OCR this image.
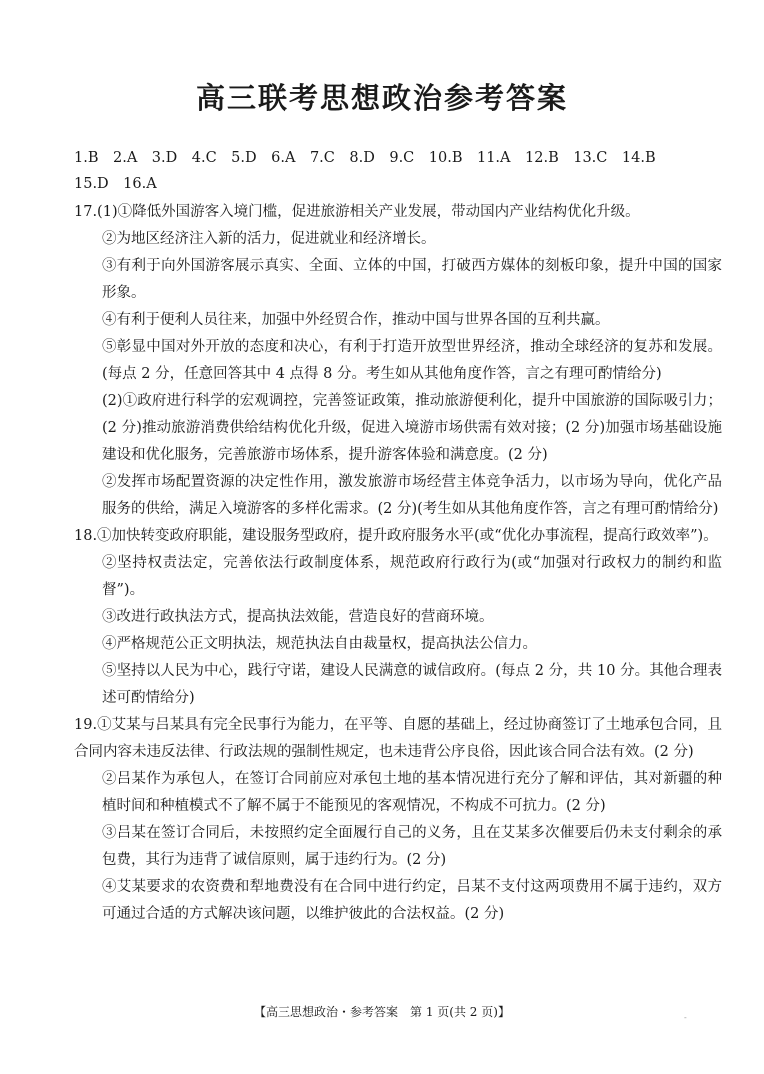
高三联考思想政治参考答案

1.B　2.A　3.D　4.C　5.D　6.A　7.C　8.D　9.C　10.B　11.A　12.B　13.C　14.B

15.D　16.A

17.(1)①降低外国游客入境门槛，促进旅游相关产业发展，带动国内产业结构优化升级。

②为地区经济注入新的活力，促进就业和经济增长。

③有利于向外国游客展示真实、全面、立体的中国，打破西方媒体的刻板印象，提升中国的国家形象。

④有利于便利人员往来，加强中外经贸合作，推动中国与世界各国的互利共赢。

⑤彰显中国对外开放的态度和决心，有利于打造开放型世界经济，推动全球经济的复苏和发展。(每点 2 分，任意回答其中 4 点得 8 分。考生如从其他角度作答，言之有理可酌情给分)

(2)①政府进行科学的宏观调控，完善签证政策，推动旅游便利化，提升中国旅游的国际吸引力；(2 分)推动旅游消费供给结构优化升级，促进入境游市场供需有效对接；(2 分)加强市场基础设施建设和优化服务，完善旅游市场体系，提升游客体验和满意度。(2 分)

②发挥市场配置资源的决定性作用，激发旅游市场经营主体竞争活力，以市场为导向，优化产品服务的供给，满足入境游客的多样化需求。(2 分)(考生如从其他角度作答，言之有理可酌情给分)

18.①加快转变政府职能，建设服务型政府，提升政府服务水平(或“优化办事流程，提高行政效率”)。

②坚持权责法定，完善依法行政制度体系，规范政府行政行为(或“加强对行政权力的制约和监督”)。

③改进行政执法方式，提高执法效能，营造良好的营商环境。

④严格规范公正文明执法，规范执法自由裁量权，提高执法公信力。

⑤坚持以人民为中心，践行守诺，建设人民满意的诚信政府。(每点 2 分，共 10 分。其他合理表述可酌情给分)

19.①艾某与吕某具有完全民事行为能力，在平等、自愿的基础上，经过协商签订了土地承包合同，且合同内容未违反法律、行政法规的强制性规定，也未违背公序良俗，因此该合同合法有效。(2 分)

②吕某作为承包人，在签订合同前应对承包土地的基本情况进行充分了解和评估，其对新疆的种植时间和种植模式不了解不属于不能预见的客观情况，不构成不可抗力。(2 分)

③吕某在签订合同后，未按照约定全面履行自己的义务，且在艾某多次催要后仍未支付剩余的承包费，其行为违背了诚信原则，属于违约行为。(2 分)

④艾某要求的农资费和犁地费没有在合同中进行约定，吕某不支付这两项费用不属于违约，双方可通过合适的方式解决该问题，以维护彼此的合法权益。(2 分)

【高三思想政治・参考答案　第 1 页(共 2 页)】	-
